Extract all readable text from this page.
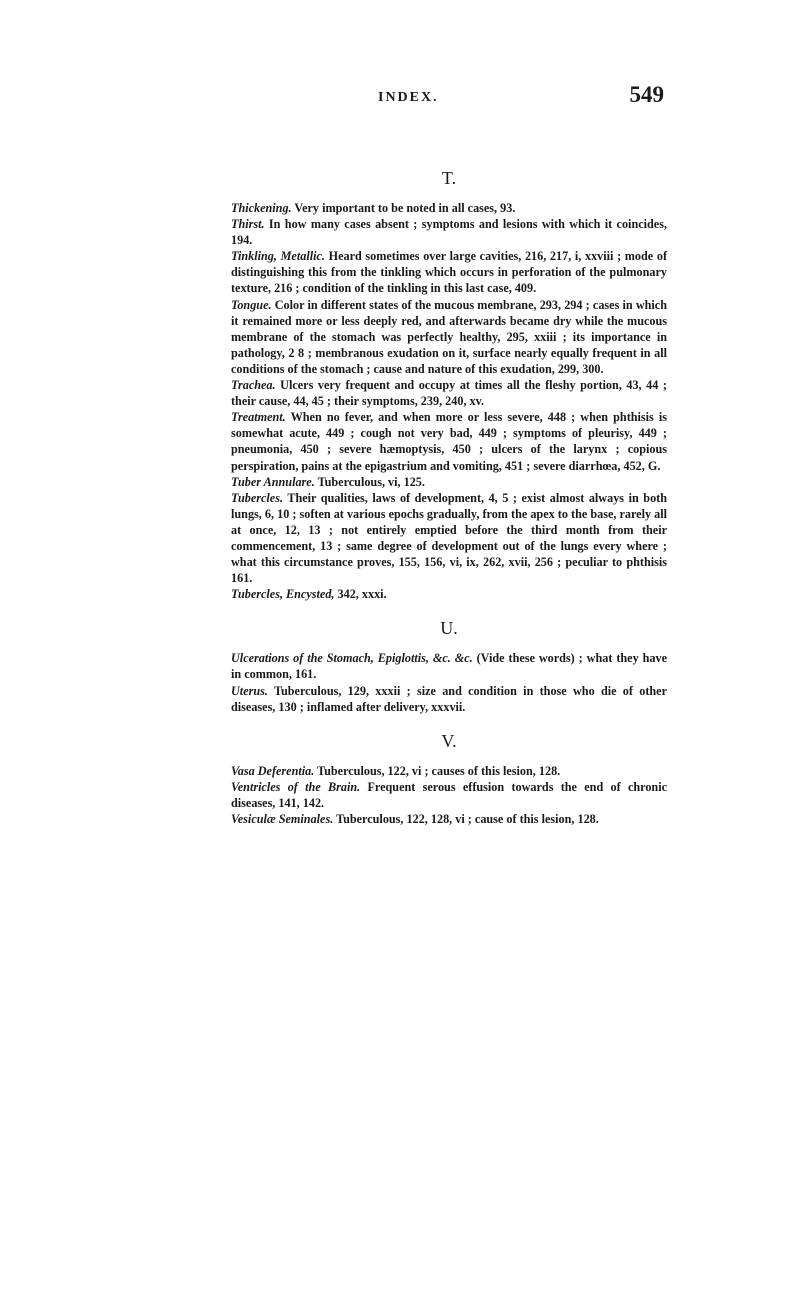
INDEX.	549
T.

Thickening. Very important to be noted in all cases, 93.

Thirst. In how many cases absent ; symptoms and lesions with which it coincides, 194.

Tinkling, Metallic. Heard sometimes over large cavities, 216, 217, i, xxviii ; mode of distinguishing this from the tinkling which occurs in perforation of the pulmonary texture, 216 ; condition of the tinkling in this last case, 409.

Tongue. Color in different states of the mucous membrane, 293, 294 ; cases in which it remained more or less deeply red, and afterwards became dry while the mucous membrane of the stomach was perfectly healthy, 295, xxiii ; its importance in pathology, 2 8 ; membranous exudation on it, surface nearly equally frequent in all conditions of the stomach ; cause and nature of this exudation, 299, 300.

Trachea. Ulcers very frequent and occupy at times all the fleshy portion, 43, 44 ; their cause, 44, 45 ; their symptoms, 239, 240, xv.

Treatment. When no fever, and when more or less severe, 448 ; when phthisis is somewhat acute, 449 ; cough not very bad, 449 ; symptoms of pleurisy, 449 ; pneumonia, 450 ; severe hæmoptysis, 450 ; ulcers of the larynx ; copious perspiration, pains at the epigastrium and vomiting, 451 ; severe diarrhœa, 452, G.

Tuber Annulare. Tuberculous, vi, 125.

Tubercles. Their qualities, laws of development, 4, 5 ; exist almost always in both lungs, 6, 10 ; soften at various epochs gradually, from the apex to the base, rarely all at once, 12, 13 ; not entirely emptied before the third month from their commencement, 13 ; same degree of development out of the lungs every where ; what this circumstance proves, 155, 156, vi, ix, 262, xvii, 256 ; peculiar to phthisis 161.

Tubercles, Encysted, 342, xxxi.

U.

Ulcerations of the Stomach, Epiglottis, &c. &c. (Vide these words) ; what they have in common, 161.

Uterus. Tuberculous, 129, xxxii ; size and condition in those who die of other diseases, 130 ; inflamed after delivery, xxxvii.

V.

Vasa Deferentia. Tuberculous, 122, vi ; causes of this lesion, 128.

Ventricles of the Brain. Frequent serous effusion towards the end of chronic diseases, 141, 142.

Vesiculæ Seminales. Tuberculous, 122, 128, vi ; cause of this lesion, 128.
